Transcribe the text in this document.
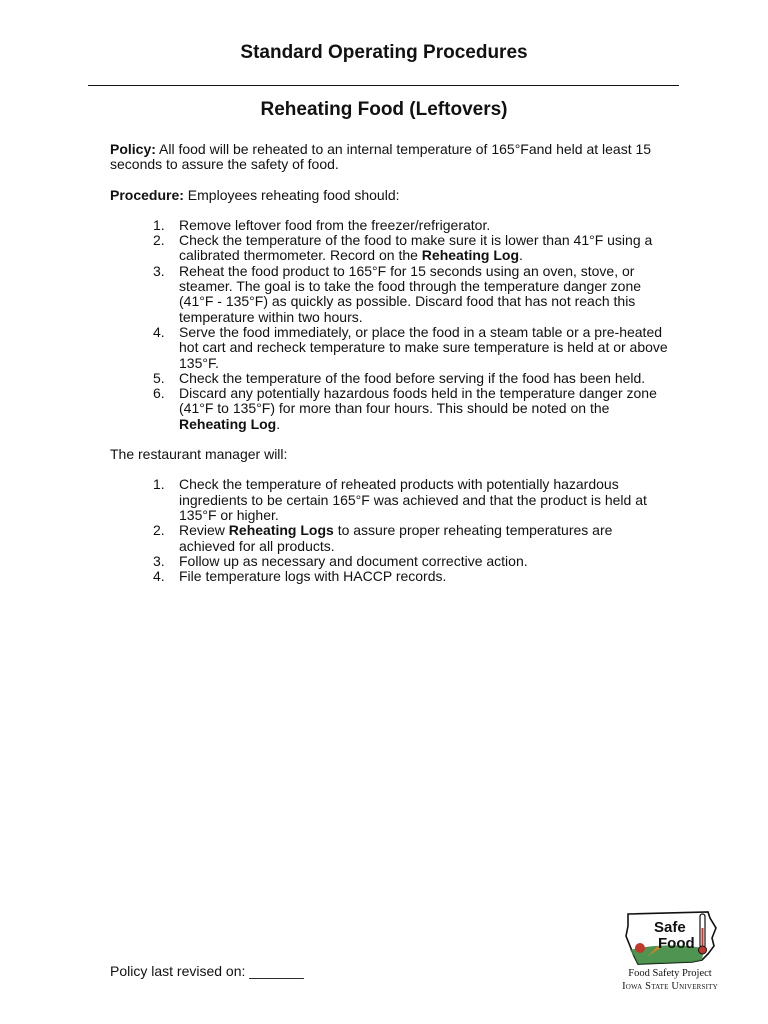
Standard Operating Procedures
Reheating Food (Leftovers)

Policy: All food will be reheated to an internal temperature of 165°Fand held at least 15 seconds to assure the safety of food.

Procedure: Employees reheating food should:

1. Remove leftover food from the freezer/refrigerator.
2. Check the temperature of the food to make sure it is lower than 41°F using a calibrated thermometer. Record on the Reheating Log.
3. Reheat the food product to 165°F for 15 seconds using an oven, stove, or steamer. The goal is to take the food through the temperature danger zone (41°F - 135°F) as quickly as possible. Discard food that has not reach this temperature within two hours.
4. Serve the food immediately, or place the food in a steam table or a pre-heated hot cart and recheck temperature to make sure temperature is held at or above 135°F.
5. Check the temperature of the food before serving if the food has been held.
6. Discard any potentially hazardous foods held in the temperature danger zone (41°F to 135°F) for more than four hours. This should be noted on the Reheating Log.

The restaurant manager will:

1. Check the temperature of reheated products with potentially hazardous ingredients to be certain 165°F was achieved and that the product is held at 135°F or higher.
2. Review Reheating Logs to assure proper reheating temperatures are achieved for all products.
3. Follow up as necessary and document corrective action.
4. File temperature logs with HACCP records.
Policy last revised on: _______
Safe
Food
Food Safety Project
Iowa State University
